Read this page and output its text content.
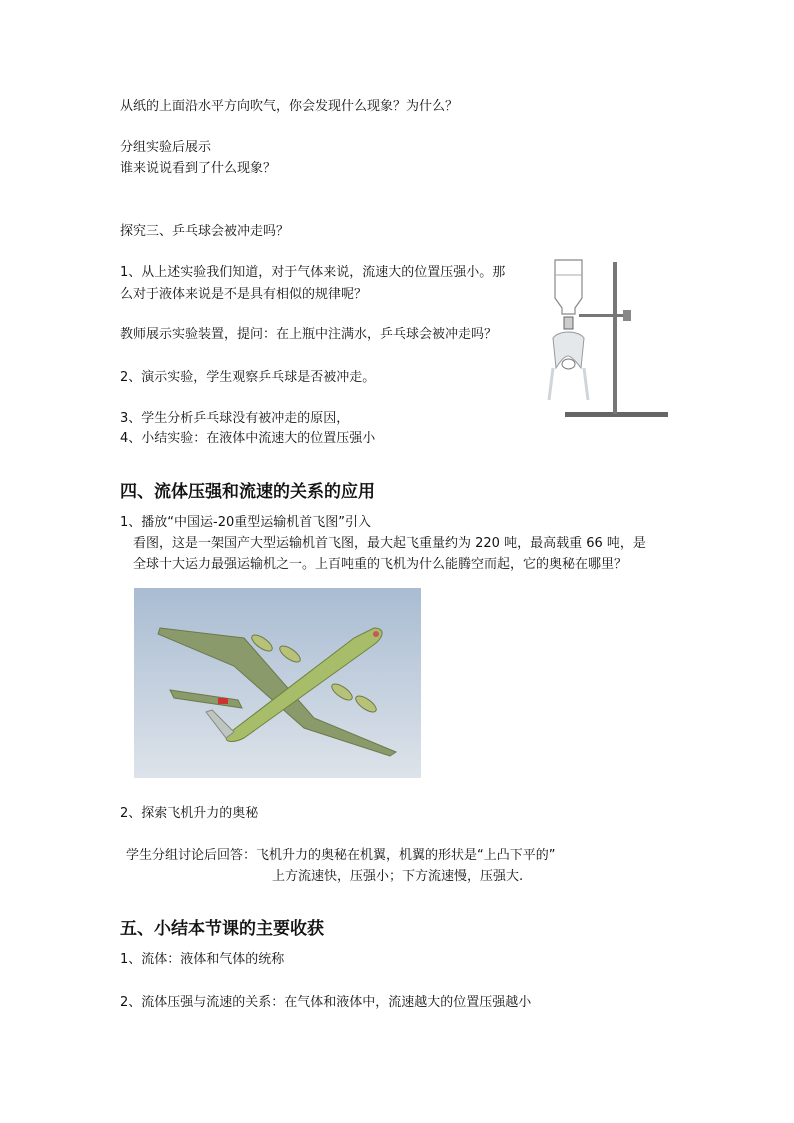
从纸的上面沿水平方向吹气，你会发现什么现象？为什么？
分组实验后展示
谁来说说看到了什么现象？
探究三、乒乓球会被冲走吗？
1、从上述实验我们知道，对于气体来说，流速大的位置压强小。那
么对于液体来说是不是具有相似的规律呢？
教师展示实验装置，提问：在上瓶中注满水，乒乓球会被冲走吗？
2、演示实验，学生观察乒乓球是否被冲走。
3、学生分析乒乓球没有被冲走的原因，
4、小结实验：在液体中流速大的位置压强小
四、流体压强和流速的关系的应用
1、播放“中国运-20重型运输机首飞图”引入
看图，这是一架国产大型运输机首飞图，最大起飞重量约为 220 吨，最高载重 66 吨，是
全球十大运力最强运输机之一。上百吨重的飞机为什么能腾空而起，它的奥秘在哪里？
2、探索飞机升力的奥秘
学生分组讨论后回答：飞机升力的奥秘在机翼，机翼的形状是“上凸下平的”
上方流速快，压强小；下方流速慢，压强大.
五、小结本节课的主要收获
1、流体：液体和气体的统称
2、流体压强与流速的关系：在气体和液体中，流速越大的位置压强越小
